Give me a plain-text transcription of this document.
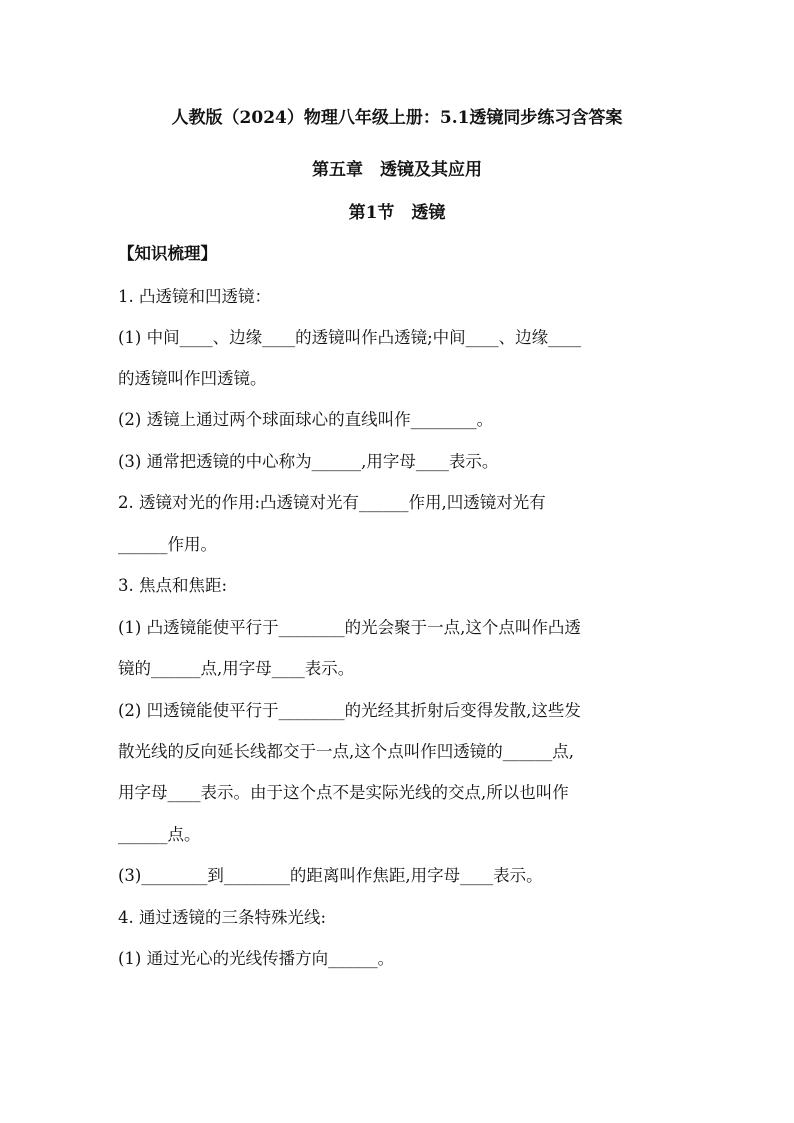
人教版（2024）物理八年级上册：5.1透镜同步练习含答案
第五章　透镜及其应用
第1节　透镜
【知识梳理】
1. 凸透镜和凹透镜：
(1) 中间____、边缘____的透镜叫作凸透镜;中间____、边缘____
的透镜叫作凹透镜。
(2) 透镜上通过两个球面球心的直线叫作________。
(3) 通常把透镜的中心称为______,用字母____表示。
2. 透镜对光的作用:凸透镜对光有______作用,凹透镜对光有
______作用。
3. 焦点和焦距:
(1) 凸透镜能使平行于________的光会聚于一点,这个点叫作凸透
镜的______点,用字母____表示。
(2) 凹透镜能使平行于________的光经其折射后变得发散,这些发
散光线的反向延长线都交于一点,这个点叫作凹透镜的______点,
用字母____表示。由于这个点不是实际光线的交点,所以也叫作
______点。
(3)________到________的距离叫作焦距,用字母____表示。
4. 通过透镜的三条特殊光线:
(1) 通过光心的光线传播方向______。
